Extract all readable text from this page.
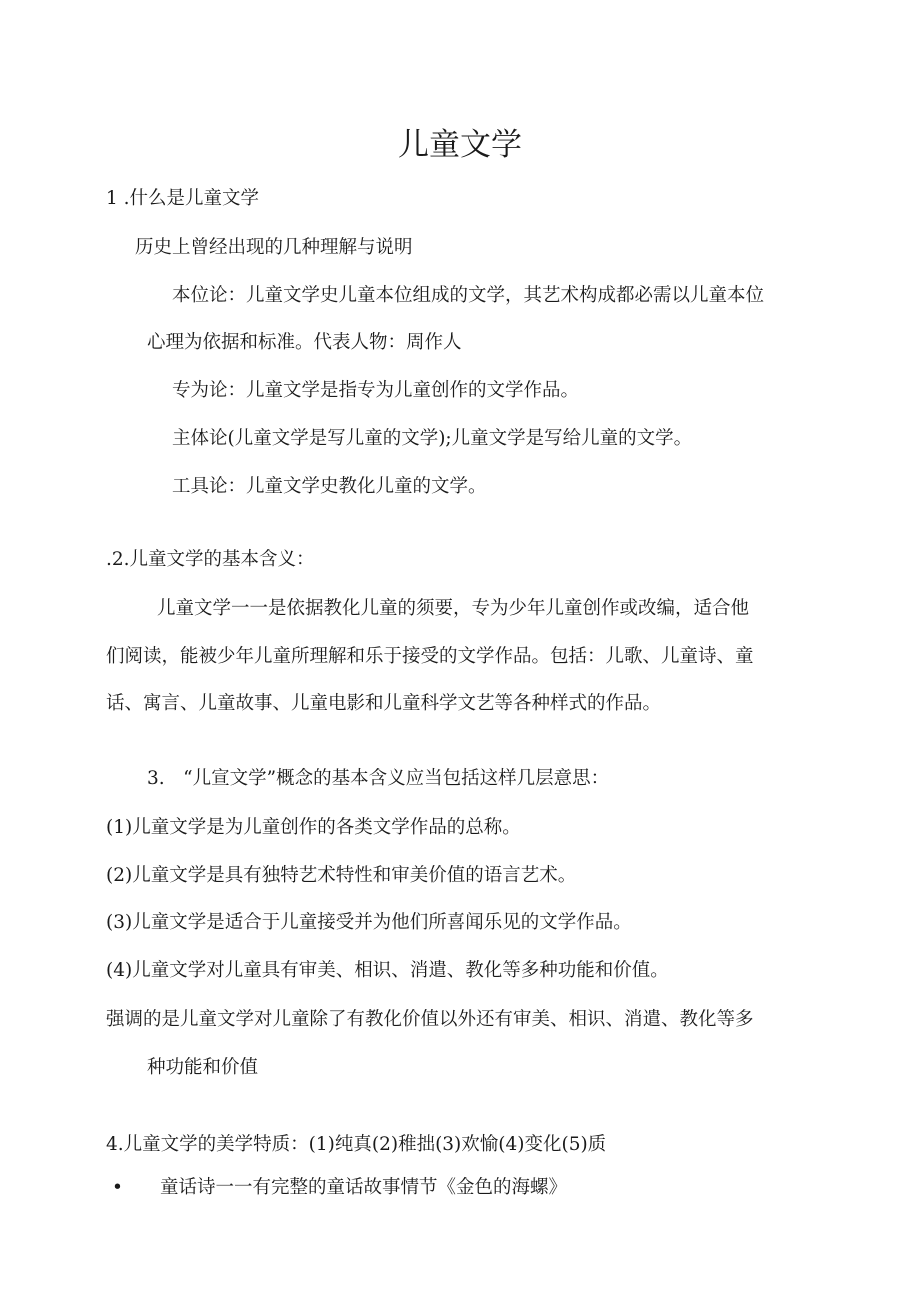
儿童文学

1 .什么是儿童文学

历史上曾经出现的几种理解与说明

本位论：儿童文学史儿童本位组成的文学，其艺术构成都必需以儿童本位

心理为依据和标准。代表人物：周作人

专为论：儿童文学是指专为儿童创作的文学作品。

主体论(儿童文学是写儿童的文学);儿童文学是写给儿童的文学。

工具论：儿童文学史教化儿童的文学。

.2.儿童文学的基本含义：

儿童文学一一是依据教化儿童的须要，专为少年儿童创作或改编，适合他

们阅读，能被少年儿童所理解和乐于接受的文学作品。包括：儿歌、儿童诗、童

话、寓言、儿童故事、儿童电影和儿童科学文艺等各种样式的作品。

3.　“儿宣文学”概念的基本含义应当包括这样几层意思：

(1)儿童文学是为儿童创作的各类文学作品的总称。

(2)儿童文学是具有独特艺术特性和审美价值的语言艺术。

(3)儿童文学是适合于儿童接受并为他们所喜闻乐见的文学作品。

(4)儿童文学对儿童具有审美、相识、消遣、教化等多种功能和价值。

强调的是儿童文学对儿童除了有教化价值以外还有审美、相识、消遣、教化等多

种功能和价值

4.儿童文学的美学特质：(1)纯真(2)稚拙(3)欢愉(4)变化(5)质

• 童话诗一一有完整的童话故事情节《金色的海螺》
